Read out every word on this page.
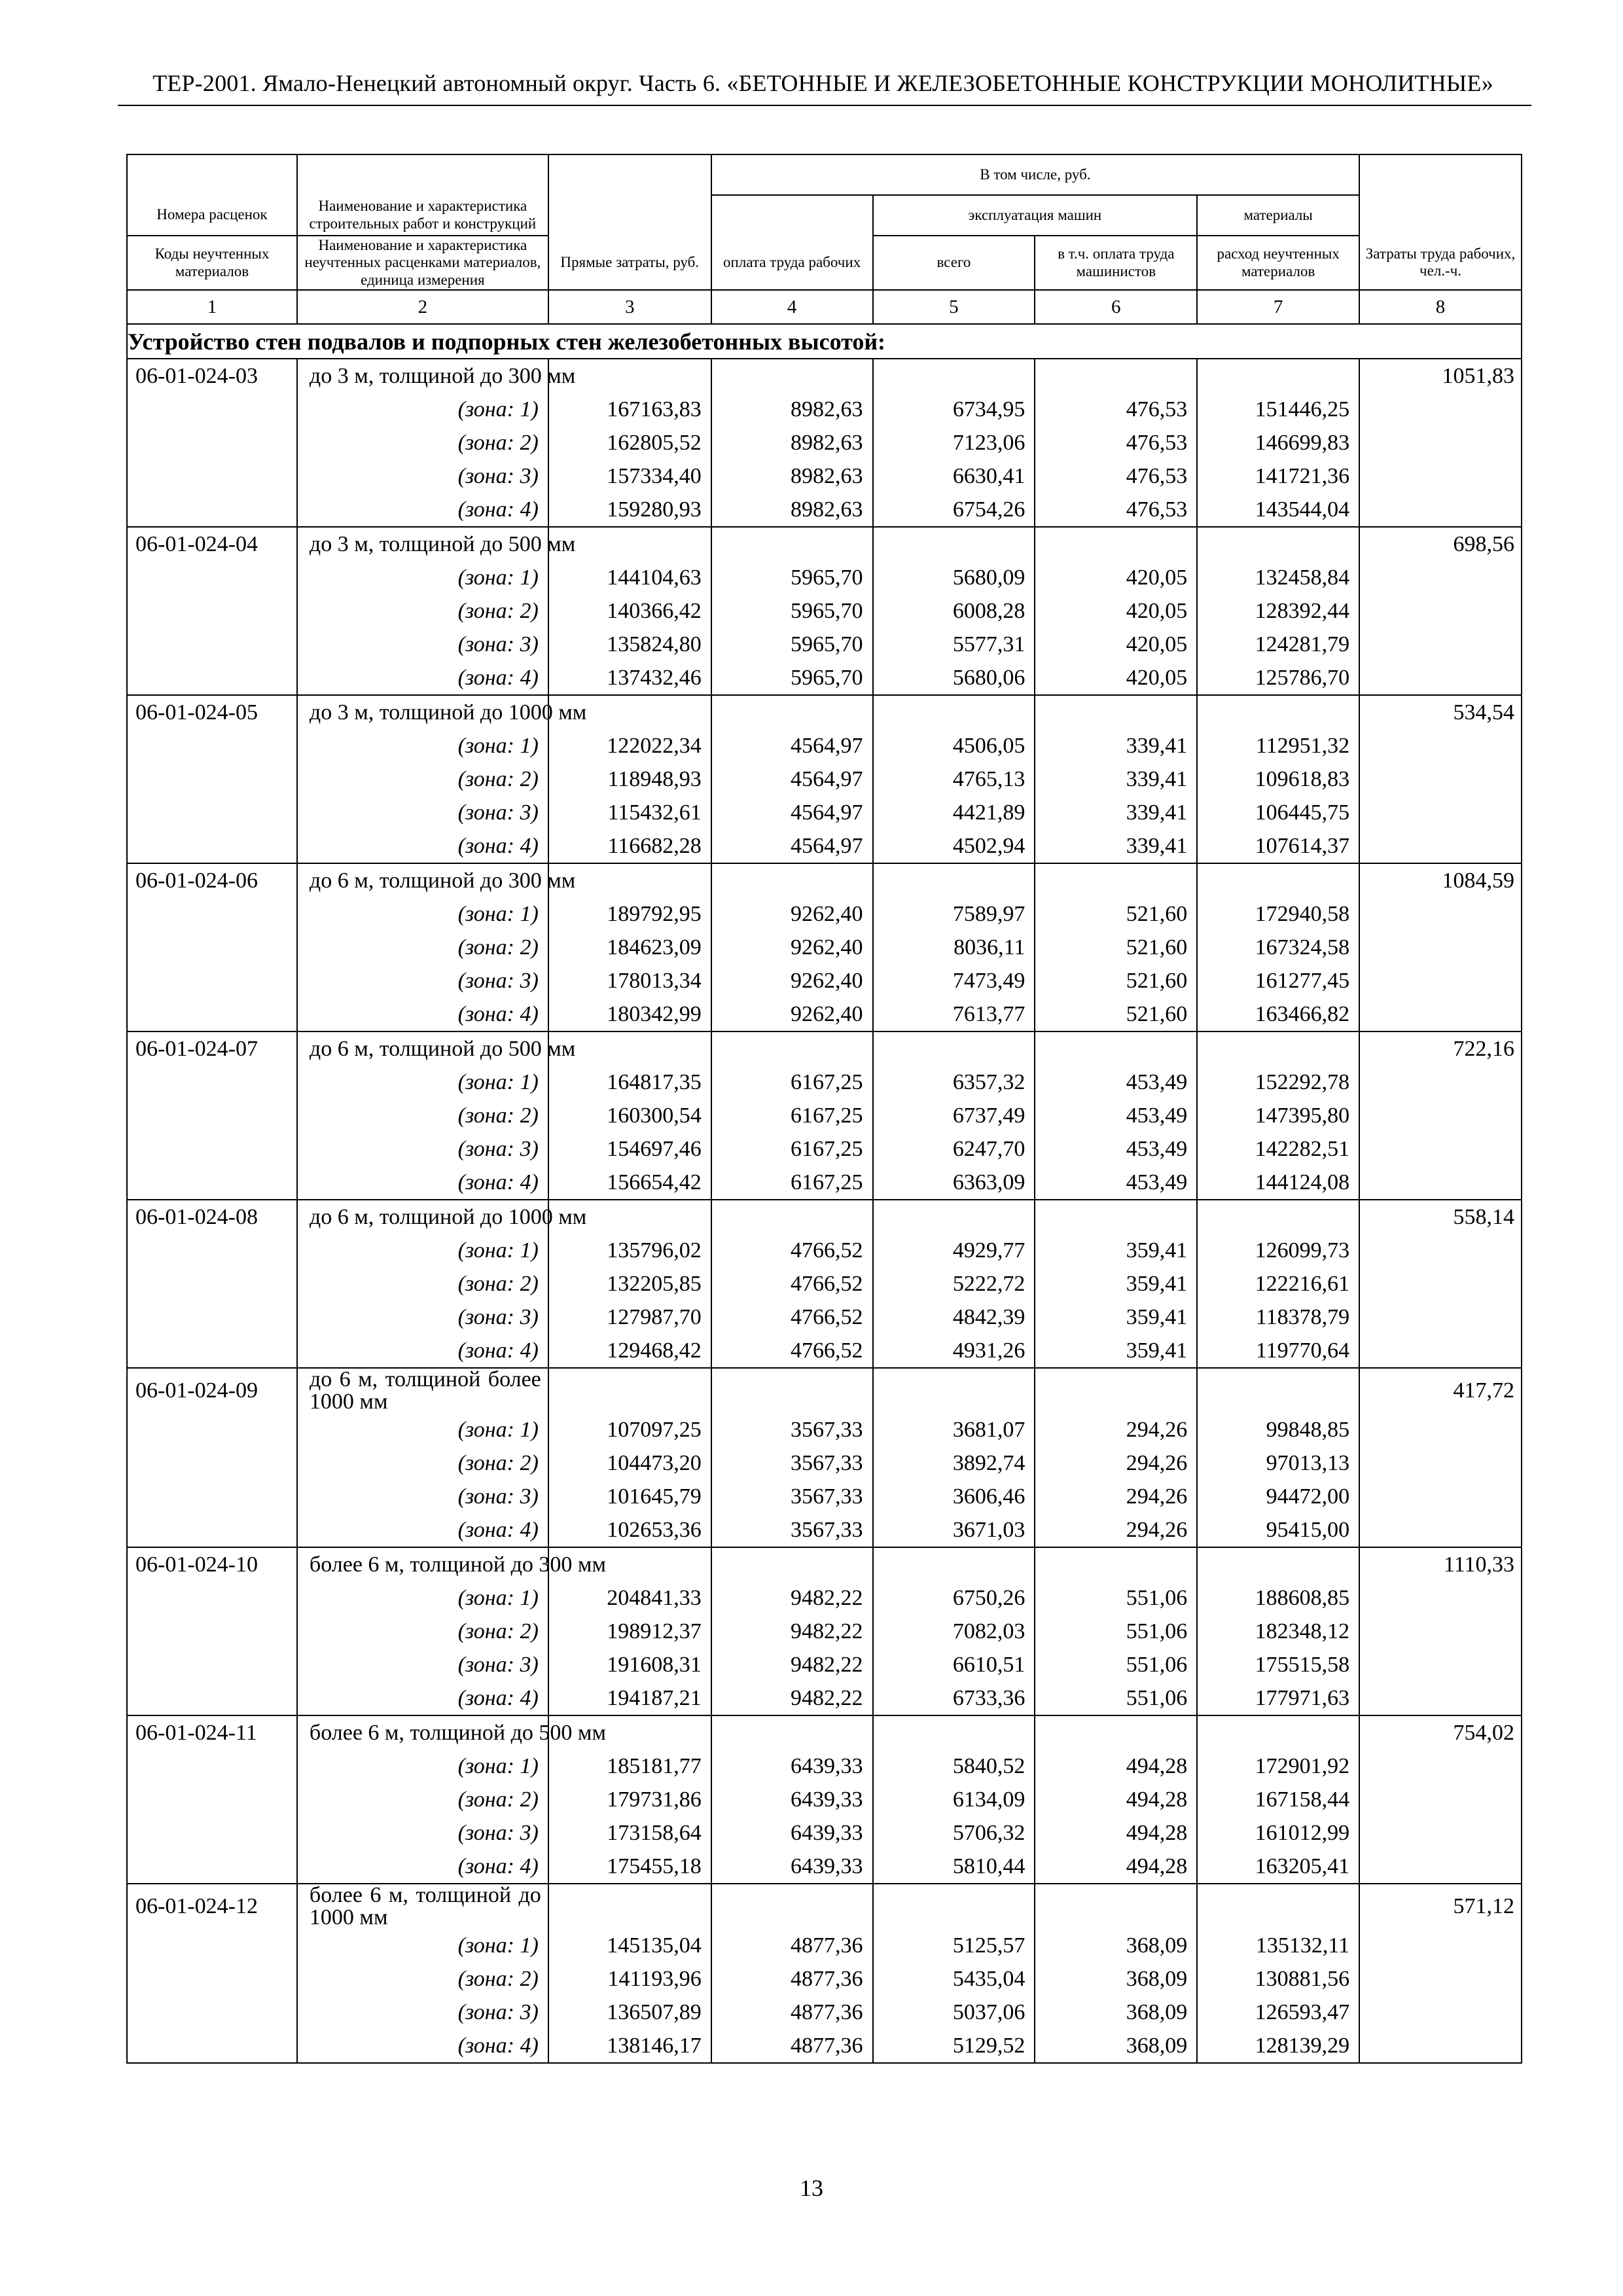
ТЕР-2001. Ямало-Ненецкий автономный округ. Часть 6. «БЕТОННЫЕ И ЖЕЛЕЗОБЕТОННЫЕ КОНСТРУКЦИИ МОНОЛИТНЫЕ»
			В том числе, руб.				
Номера расценок	Наименование и характеристика строительных работ и конструкций			эксплуатация машин		материалы	
Коды неучтенных материалов	Наименование и характеристика неучтенных расценками материалов, единица измерения	Прямые затраты, руб.	оплата труда рабочих	всего	в т.ч. оплата труда машинистов	расход неучтенных материалов	Затраты труда рабочих, чел.-ч.
1	2	3	4	5	6	7	8
Устройство стен подвалов и подпорных стен железобетонных высотой:							
06-01-024-03	до 3 м, толщиной до 300 мм						1051,83
	(зона: 1)	167163,83	8982,63	6734,95	476,53	151446,25	
	(зона: 2)	162805,52	8982,63	7123,06	476,53	146699,83	
	(зона: 3)	157334,40	8982,63	6630,41	476,53	141721,36	
	(зона: 4)	159280,93	8982,63	6754,26	476,53	143544,04	
06-01-024-04	до 3 м, толщиной до 500 мм						698,56
	(зона: 1)	144104,63	5965,70	5680,09	420,05	132458,84	
	(зона: 2)	140366,42	5965,70	6008,28	420,05	128392,44	
	(зона: 3)	135824,80	5965,70	5577,31	420,05	124281,79	
	(зона: 4)	137432,46	5965,70	5680,06	420,05	125786,70	
06-01-024-05	до 3 м, толщиной до 1000 мм						534,54
	(зона: 1)	122022,34	4564,97	4506,05	339,41	112951,32	
	(зона: 2)	118948,93	4564,97	4765,13	339,41	109618,83	
	(зона: 3)	115432,61	4564,97	4421,89	339,41	106445,75	
	(зона: 4)	116682,28	4564,97	4502,94	339,41	107614,37	
06-01-024-06	до 6 м, толщиной до 300 мм						1084,59
	(зона: 1)	189792,95	9262,40	7589,97	521,60	172940,58	
	(зона: 2)	184623,09	9262,40	8036,11	521,60	167324,58	
	(зона: 3)	178013,34	9262,40	7473,49	521,60	161277,45	
	(зона: 4)	180342,99	9262,40	7613,77	521,60	163466,82	
06-01-024-07	до 6 м, толщиной до 500 мм						722,16
	(зона: 1)	164817,35	6167,25	6357,32	453,49	152292,78	
	(зона: 2)	160300,54	6167,25	6737,49	453,49	147395,80	
	(зона: 3)	154697,46	6167,25	6247,70	453,49	142282,51	
	(зона: 4)	156654,42	6167,25	6363,09	453,49	144124,08	
06-01-024-08	до 6 м, толщиной до 1000 мм						558,14
	(зона: 1)	135796,02	4766,52	4929,77	359,41	126099,73	
	(зона: 2)	132205,85	4766,52	5222,72	359,41	122216,61	
	(зона: 3)	127987,70	4766,52	4842,39	359,41	118378,79	
	(зона: 4)	129468,42	4766,52	4931,26	359,41	119770,64	
06-01-024-09	до 6 м, толщиной более 1000 мм						417,72
	(зона: 1)	107097,25	3567,33	3681,07	294,26	99848,85	
	(зона: 2)	104473,20	3567,33	3892,74	294,26	97013,13	
	(зона: 3)	101645,79	3567,33	3606,46	294,26	94472,00	
	(зона: 4)	102653,36	3567,33	3671,03	294,26	95415,00	
06-01-024-10	более 6 м, толщиной до 300 мм						1110,33
	(зона: 1)	204841,33	9482,22	6750,26	551,06	188608,85	
	(зона: 2)	198912,37	9482,22	7082,03	551,06	182348,12	
	(зона: 3)	191608,31	9482,22	6610,51	551,06	175515,58	
	(зона: 4)	194187,21	9482,22	6733,36	551,06	177971,63	
06-01-024-11	более 6 м, толщиной до 500 мм						754,02
	(зона: 1)	185181,77	6439,33	5840,52	494,28	172901,92	
	(зона: 2)	179731,86	6439,33	6134,09	494,28	167158,44	
	(зона: 3)	173158,64	6439,33	5706,32	494,28	161012,99	
	(зона: 4)	175455,18	6439,33	5810,44	494,28	163205,41	
06-01-024-12	более 6 м, толщиной до 1000 мм						571,12
	(зона: 1)	145135,04	4877,36	5125,57	368,09	135132,11	
	(зона: 2)	141193,96	4877,36	5435,04	368,09	130881,56	
	(зона: 3)	136507,89	4877,36	5037,06	368,09	126593,47	
	(зона: 4)	138146,17	4877,36	5129,52	368,09	128139,29	
13
